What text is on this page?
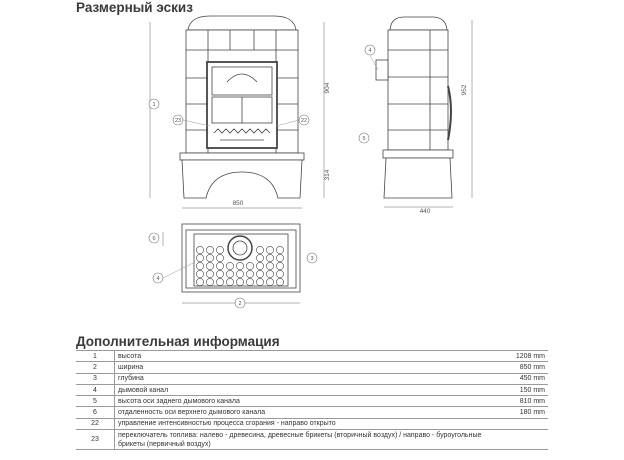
Размерный эскиз
Дополнительная информация
850
440
904
314
952
1
23	22
4
5
6
4
3
2
1	высота	1208 mm
2	ширина	850 mm
3	глубина	450 mm
4	дымовой канал	150 mm
5	высота оси заднего дымового канала	810 mm
6	отдаленность оси верхнего дымового канала	180 mm
22	управление интенсивностью процесса сгорания - направо открыто	
23	переключатель топлива: налево - древесина, древесные брикеты (вторичный воздух) / направо - буроугольные брикеты (первичный воздух)	
